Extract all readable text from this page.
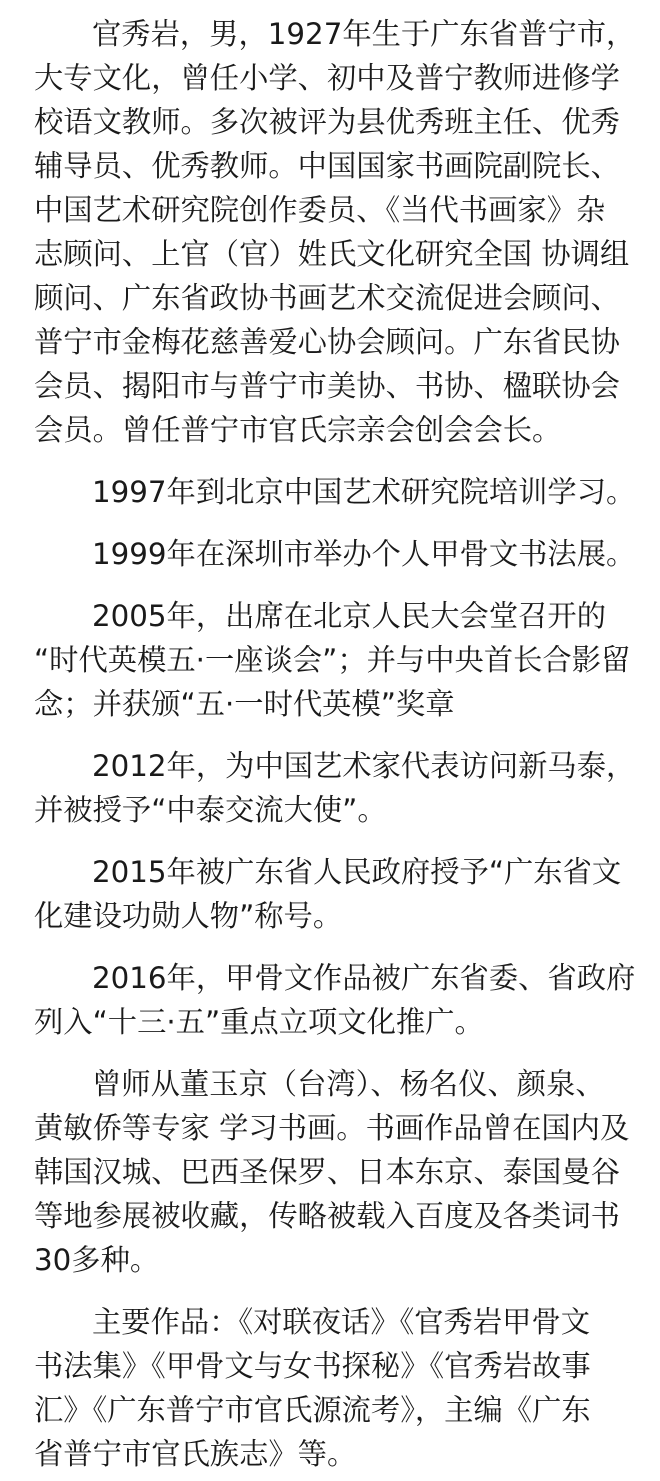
官秀岩，男，1927年生于广东省普宁市，
大专文化，曾任小学、初中及普宁教师进修学
校语文教师。多次被评为县优秀班主任、优秀
辅导员、优秀教师。中国国家书画院副院长、
中国艺术研究院创作委员、《当代书画家》杂
志顾问、上官（官）姓氏文化研究全国 协调组
顾问、广东省政协书画艺术交流促进会顾问、
普宁市金梅花慈善爱心协会顾问。广东省民协
会员、揭阳市与普宁市美协、书协、楹联协会
会员。曾任普宁市官氏宗亲会创会会长。

1997年到北京中国艺术研究院培训学习。

1999年在深圳市举办个人甲骨文书法展。

2005年，出席在北京人民大会堂召开的
“时代英模五·一座谈会”；并与中央首长合影留
念；并获颁“五·一时代英模”奖章

2012年，为中国艺术家代表访问新马泰，
并被授予“中泰交流大使”。

2015年被广东省人民政府授予“广东省文
化建设功勋人物”称号。

2016年，甲骨文作品被广东省委、省政府
列入“十三·五”重点立项文化推广。

曾师从董玉京（台湾）、杨名仪、颜泉、
黄敏侨等专家 学习书画。书画作品曾在国内及
韩国汉城、巴西圣保罗、日本东京、泰国曼谷
等地参展被收藏，传略被载入百度及各类词书
30多种。

主要作品：《对联夜话》《官秀岩甲骨文
书法集》《甲骨文与女书探秘》《官秀岩故事
汇》《广东普宁市官氏源流考》，主编《广东
省普宁市官氏族志》等。
